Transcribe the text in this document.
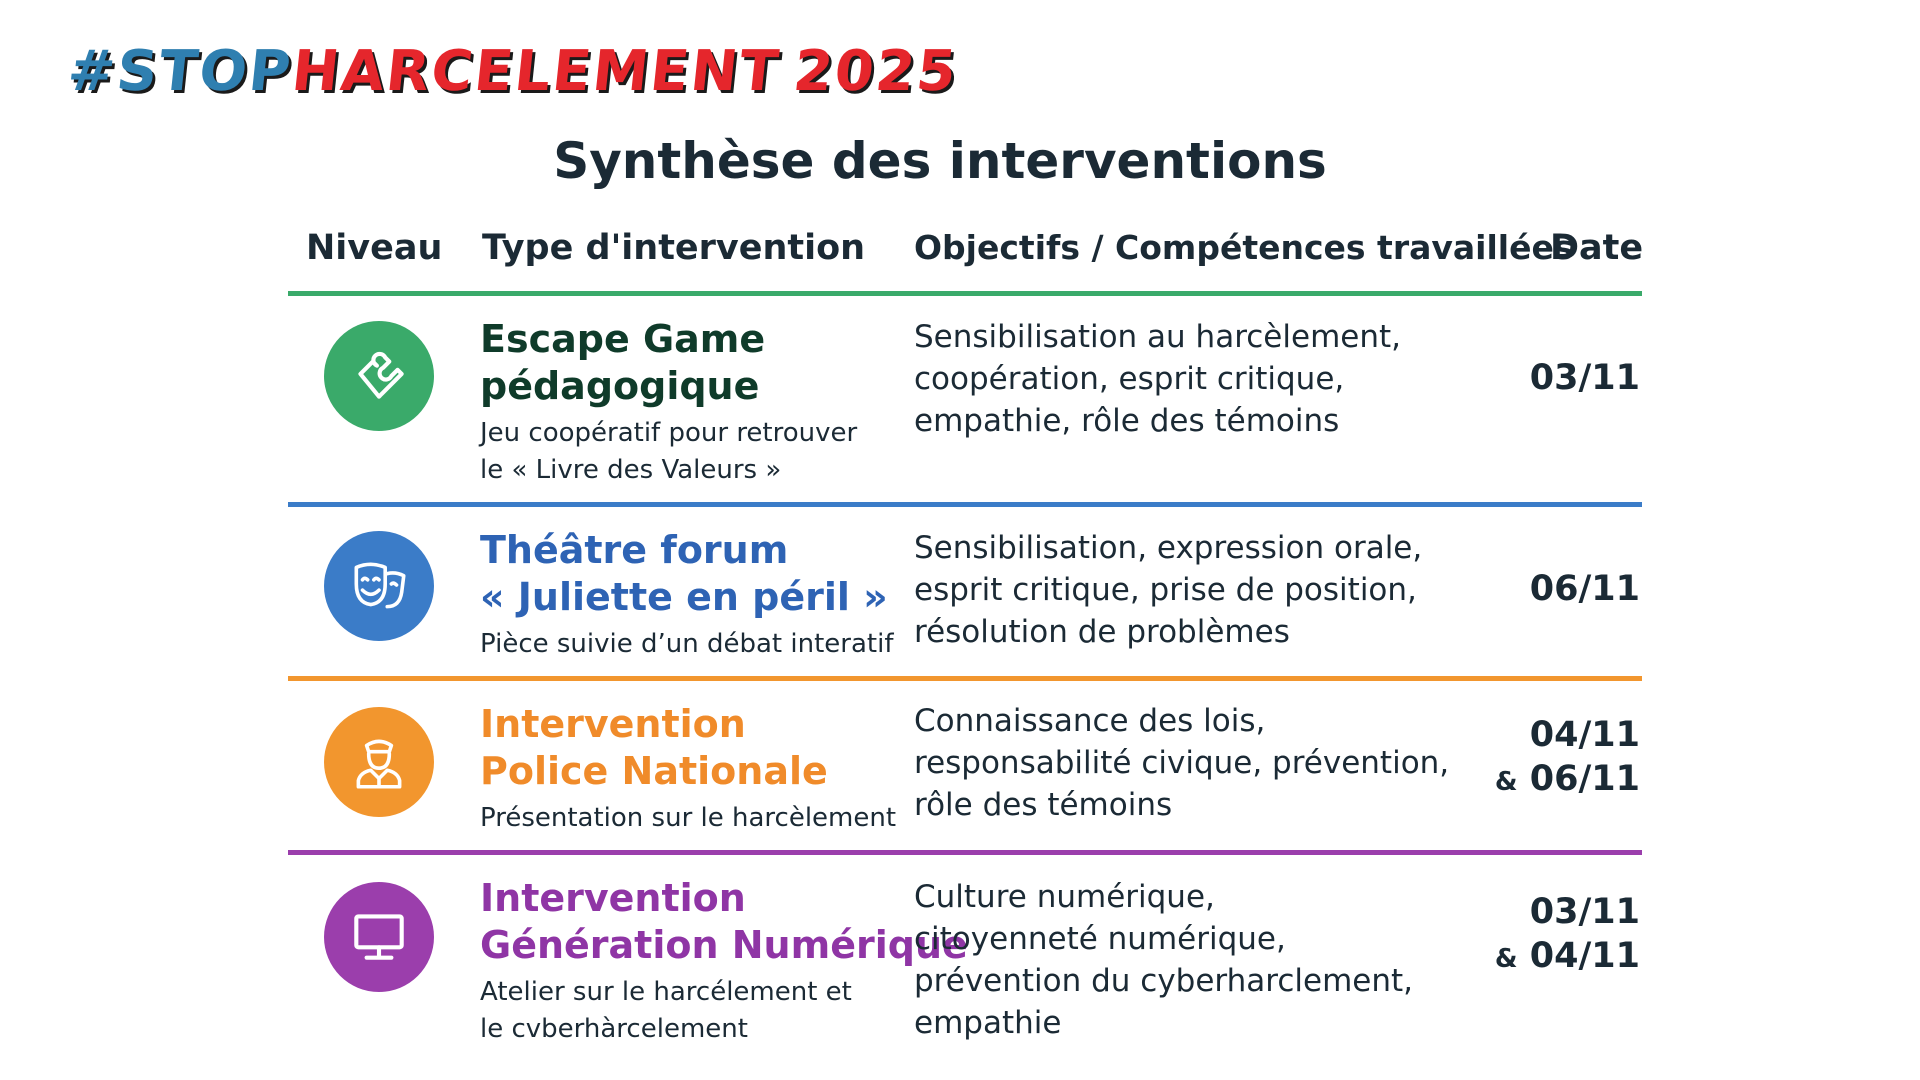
#STOPHARCELEMENT 2025
Synthèse des interventions
Niveau Type d'intervention Objectifs / Compétences travaillées
Date
Escape Game
pédagogique
Jeu coopératif pour retrouver
le « Livre des Valeurs »
Sensibilisation au harcèlement,
coopération, esprit critique,
empathie, rôle des témoins
03/11
Théâtre forum
« Juliette en péril »
Pièce suivie d’un débat interatif
Sensibilisation, expression orale,
esprit critique, prise de position,
résolution de problèmes
06/11
Intervention
Police Nationale
Présentation sur le harcèlement
Connaissance des lois,
responsabilité civique, prévention,
rôle des témoins
04/11
& 06/11
Intervention
Génération Numérique
Atelier sur le harcélement et
le cvberhàrcelement
Culture numérique,
citoyenneté numérique,
prévention du cyberharclement,
empathie
03/11
& 04/11
